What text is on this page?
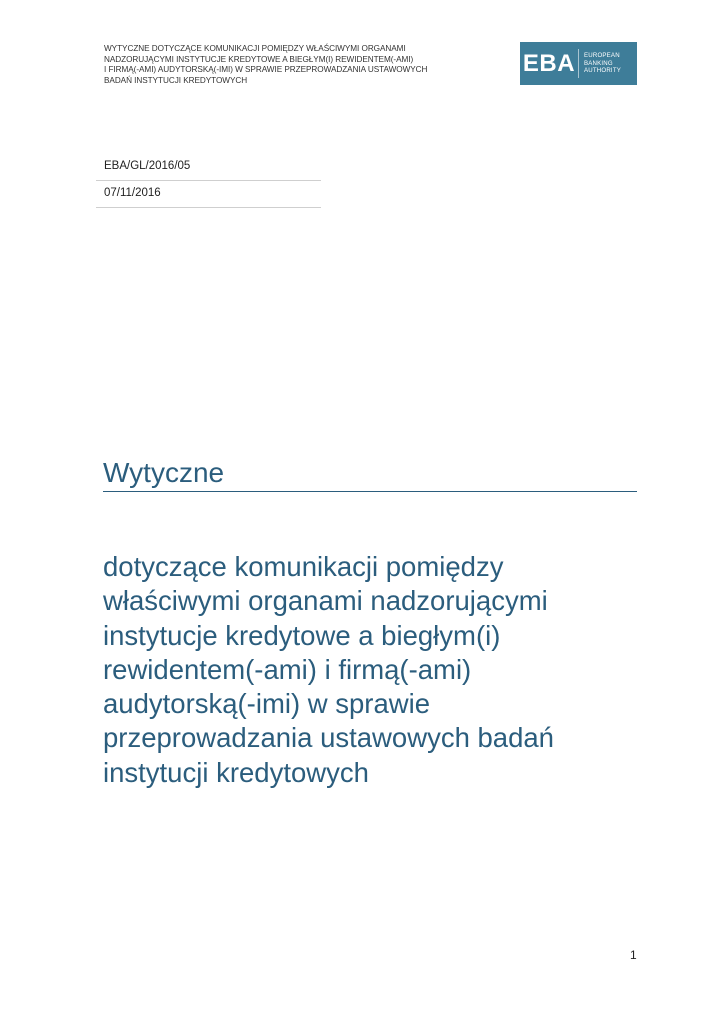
WYTYCZNE DOTYCZĄCE KOMUNIKACJI POMIĘDZY WŁAŚCIWYMI ORGANAMI
NADZORUJĄCYMI INSTYTUCJE KREDYTOWE A BIEGŁYM(I) REWIDENTEM(-AMI)
I FIRMĄ(-AMI) AUDYTORSKĄ(-IMI) W SPRAWIE PRZEPROWADZANIA USTAWOWYCH
BADAŃ INSTYTUCJI KREDYTOWYCH
EBA	EUROPEAN
BANKING
AUTHORITY
EBA/GL/2016/05
07/11/2016
Wytyczne
dotyczące komunikacji pomiędzy
właściwymi organami nadzorującymi
instytucje kredytowe a biegłym(i)
rewidentem(-ami) i firmą(-ami)
audytorską(-imi) w sprawie
przeprowadzania ustawowych badań
instytucji kredytowych
1
